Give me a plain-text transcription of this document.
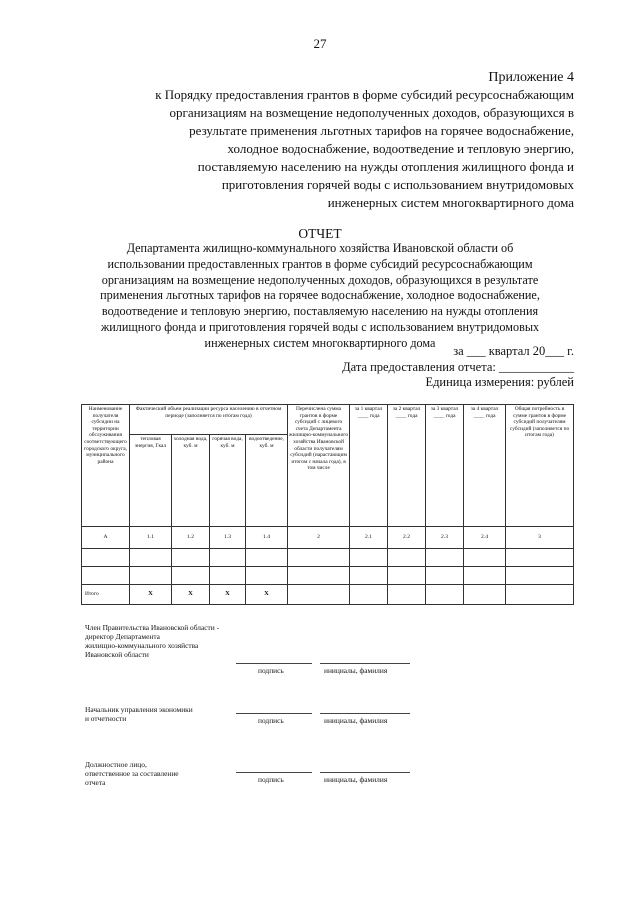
27
Приложение 4
к Порядку предоставления грантов в форме субсидий ресурсоснабжающим
организациям на возмещение недополученных доходов, образующихся в
результате применения льготных тарифов на горячее водоснабжение,
холодное водоснабжение, водоотведение и тепловую энергию,
поставляемую населению на нужды отопления жилищного фонда и
приготовления горячей воды с использованием внутридомовых
инженерных систем многоквартирного дома
ОТЧЕТ
Департамента жилищно-коммунального хозяйства Ивановской области об
использовании предоставленных грантов в форме субсидий ресурсоснабжающим
организациям на возмещение недополученных доходов, образующихся в результате
применения льготных тарифов на горячее водоснабжение, холодное водоснабжение,
водоотведение и тепловую энергию, поставляемую населению на нужды отопления
жилищного фонда и приготовления горячей воды с использованием внутридомовых
инженерных систем многоквартирного дома
за ___ квартал 20___ г.
Дата предоставления отчета: ____________
Единица измерения: рублей
Наименование получателя субсидии на территории обслуживания соответствующего городского округа, муниципального района	Фактический объем реализации ресурса населению в отчетном периоде (заполняется по итогам года)				Перечислена сумма грантов в форме субсидий с лицевого счета Департамента жилищно-коммунального хозяйства Ивановской области получателям субсидий (нарастающим итогом с начала года), в том числе	за 1 квартал ____ года	за 2 квартал ____ года	за 3 квартал ____ года	за 4 квартал ____ года	Общая потребность в сумме грантов в форме субсидий получателям субсидий (заполняется по итогам года)
	тепловая энергия, Гкал	холодная вода, куб. м	горячая вода, куб. м	водоотведение, куб. м						
А	1.1	1.2	1.3	1.4	2	2.1	2.2	2.3	2.4	3

Итого	Х	Х	Х	Х						
Член Правительства Ивановской области -
директор Департамента
жилищно-коммунального хозяйства
Ивановской области
подпись	инициалы, фамилия
Начальник управления экономики
и отчетности	подпись	инициалы, фамилия
Должностное лицо,
ответственное за составление
отчета	подпись	инициалы, фамилия
